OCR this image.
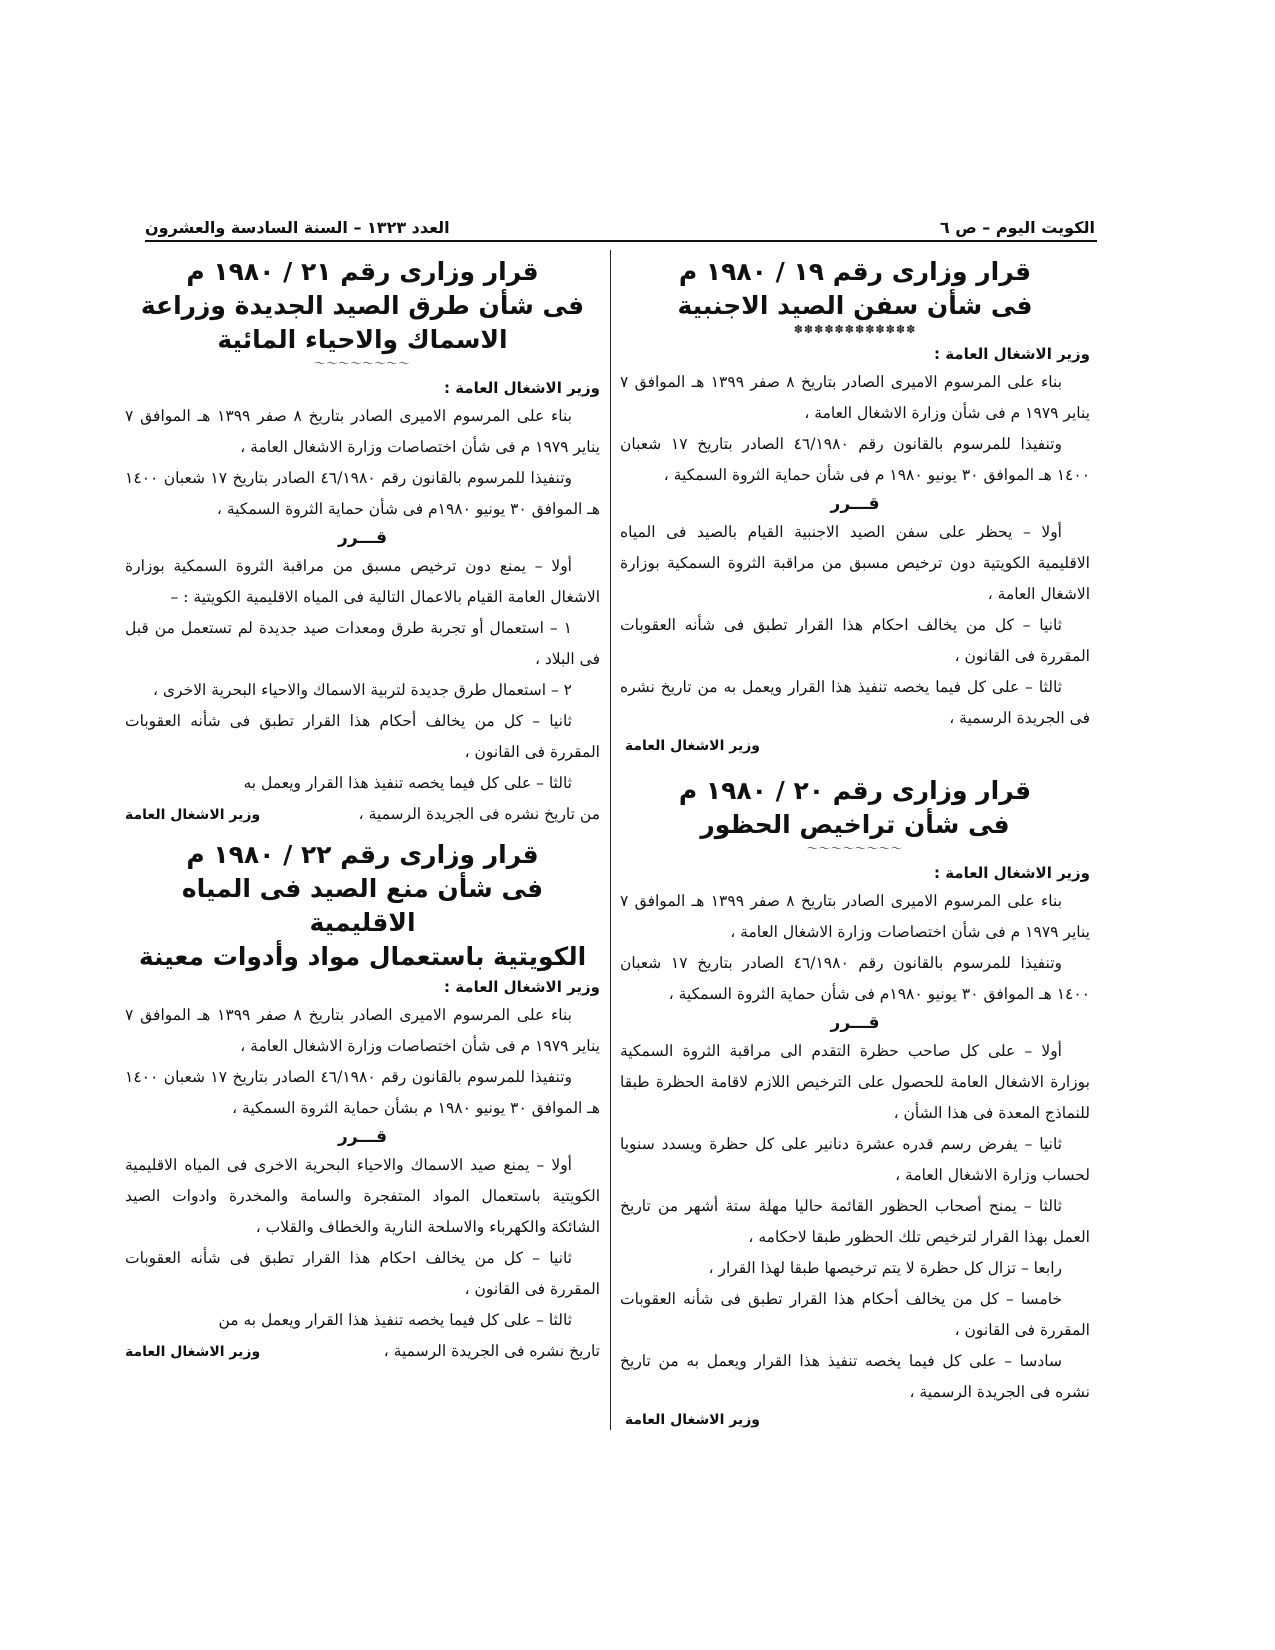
الكويت اليوم – ص ٦
العدد ١٣٢٣ – السنة السادسة والعشرون

قرار وزارى رقم ١٩ / ١٩٨٠ م

فى شأن سفن الصيد الاجنبية

✽✽✽✽✽✽✽✽✽✽✽✽

وزير الاشغال العامة :

بناء على المرسوم الاميرى الصادر بتاريخ ٨ صفر ١٣٩٩ هـ الموافق ٧ يناير ١٩٧٩ م فى شأن وزارة الاشغال العامة ،

وتنفيذا للمرسوم بالقانون رقم ٤٦/١٩٨٠ الصادر بتاريخ ١٧ شعبان ١٤٠٠ هـ الموافق ٣٠ يونيو ١٩٨٠ م فى شأن حماية الثروة السمكية ،

قـــرر

أولا – يحظر على سفن الصيد الاجنبية القيام بالصيد فى المياه الاقليمية الكويتية دون ترخيص مسبق من مراقبة الثروة السمكية بوزارة الاشغال العامة ،

ثانيا – كل من يخالف احكام هذا القرار تطبق فى شأنه العقوبات المقررة فى القانون ،

ثالثا – على كل فيما يخصه تنفيذ هذا القرار ويعمل به من تاريخ نشره فى الجريدة الرسمية ،

وزير الاشغال العامة

قرار وزارى رقم ٢٠ / ١٩٨٠ م

فى شأن تراخيص الحظور

～～～～～～～～

وزير الاشغال العامة :

بناء على المرسوم الاميرى الصادر بتاريخ ٨ صفر ١٣٩٩ هـ الموافق ٧ يناير ١٩٧٩ م فى شأن اختصاصات وزارة الاشغال العامة ،

وتنفيذا للمرسوم بالقانون رقم ٤٦/١٩٨٠ الصادر بتاريخ ١٧ شعبان ١٤٠٠ هـ الموافق ٣٠ يونيو ١٩٨٠م فى شأن حماية الثروة السمكية ،

قـــرر

أولا – على كل صاحب حظرة التقدم الى مراقبة الثروة السمكية بوزارة الاشغال العامة للحصول على الترخيص اللازم لاقامة الحظرة طبقا للنماذج المعدة فى هذا الشأن ،

ثانيا – يفرض رسم قدره عشرة دنانير على كل حظرة ويسدد سنويا لحساب وزارة الاشغال العامة ،

ثالثا – يمنح أصحاب الحظور القائمة حاليا مهلة ستة أشهر من تاريخ العمل بهذا القرار لترخيص تلك الحظور طبقا لاحكامه ،

رابعا – تزال كل حظرة لا يتم ترخيصها طبقا لهذا القرار ،

خامسا – كل من يخالف أحكام هذا القرار تطبق فى شأنه العقوبات المقررة فى القانون ،

سادسا – على كل فيما يخصه تنفيذ هذا القرار ويعمل به من تاريخ نشره فى الجريدة الرسمية ،

وزير الاشغال العامة

قرار وزارى رقم ٢١ / ١٩٨٠ م

فى شأن طرق الصيد الجديدة وزراعة

الاسماك والاحياء المائية

～～～～～～～～

وزير الاشغال العامة :

بناء على المرسوم الاميرى الصادر بتاريخ ٨ صفر ١٣٩٩ هـ الموافق ٧ يناير ١٩٧٩ م فى شأن اختصاصات وزارة الاشغال العامة ،

وتنفيذا للمرسوم بالقانون رقم ٤٦/١٩٨٠ الصادر بتاريخ ١٧ شعبان ١٤٠٠ هـ الموافق ٣٠ يونيو ١٩٨٠م فى شأن حماية الثروة السمكية ،

قـــرر

أولا – يمنع دون ترخيص مسبق من مراقبة الثروة السمكية بوزارة الاشغال العامة القيام بالاعمال التالية فى المياه الاقليمية الكويتية : –

١ – استعمال أو تجربة طرق ومعدات صيد جديدة لم تستعمل من قبل فى البلاد ،

٢ – استعمال طرق جديدة لتربية الاسماك والاحياء البحرية الاخرى ،

ثانيا – كل من يخالف أحكام هذا القرار تطبق فى شأنه العقوبات المقررة فى القانون ،

ثالثا – على كل فيما يخصه تنفيذ هذا القرار ويعمل به

من تاريخ نشره فى الجريدة الرسمية ،
وزير الاشغال العامة

قرار وزارى رقم ٢٢ / ١٩٨٠ م

فى شأن منع الصيد فى المياه الاقليمية

الكويتية باستعمال مواد وأدوات معينة

وزير الاشغال العامة :

بناء على المرسوم الاميرى الصادر بتاريخ ٨ صفر ١٣٩٩ هـ الموافق ٧ يناير ١٩٧٩ م فى شأن اختصاصات وزارة الاشغال العامة ،

وتنفيذا للمرسوم بالقانون رقم ٤٦/١٩٨٠ الصادر بتاريخ ١٧ شعبان ١٤٠٠ هـ الموافق ٣٠ يونيو ١٩٨٠ م بشأن حماية الثروة السمكية ،

قـــرر

أولا – يمنع صيد الاسماك والاحياء البحرية الاخرى فى المياه الاقليمية الكويتية باستعمال المواد المتفجرة والسامة والمخدرة وادوات الصيد الشائكة والكهرباء والاسلحة النارية والخطاف والقلاب ،

ثانيا – كل من يخالف احكام هذا القرار تطبق فى شأنه العقوبات المقررة فى القانون ،

ثالثا – على كل فيما يخصه تنفيذ هذا القرار ويعمل به من

تاريخ نشره فى الجريدة الرسمية ،
وزير الاشغال العامة
